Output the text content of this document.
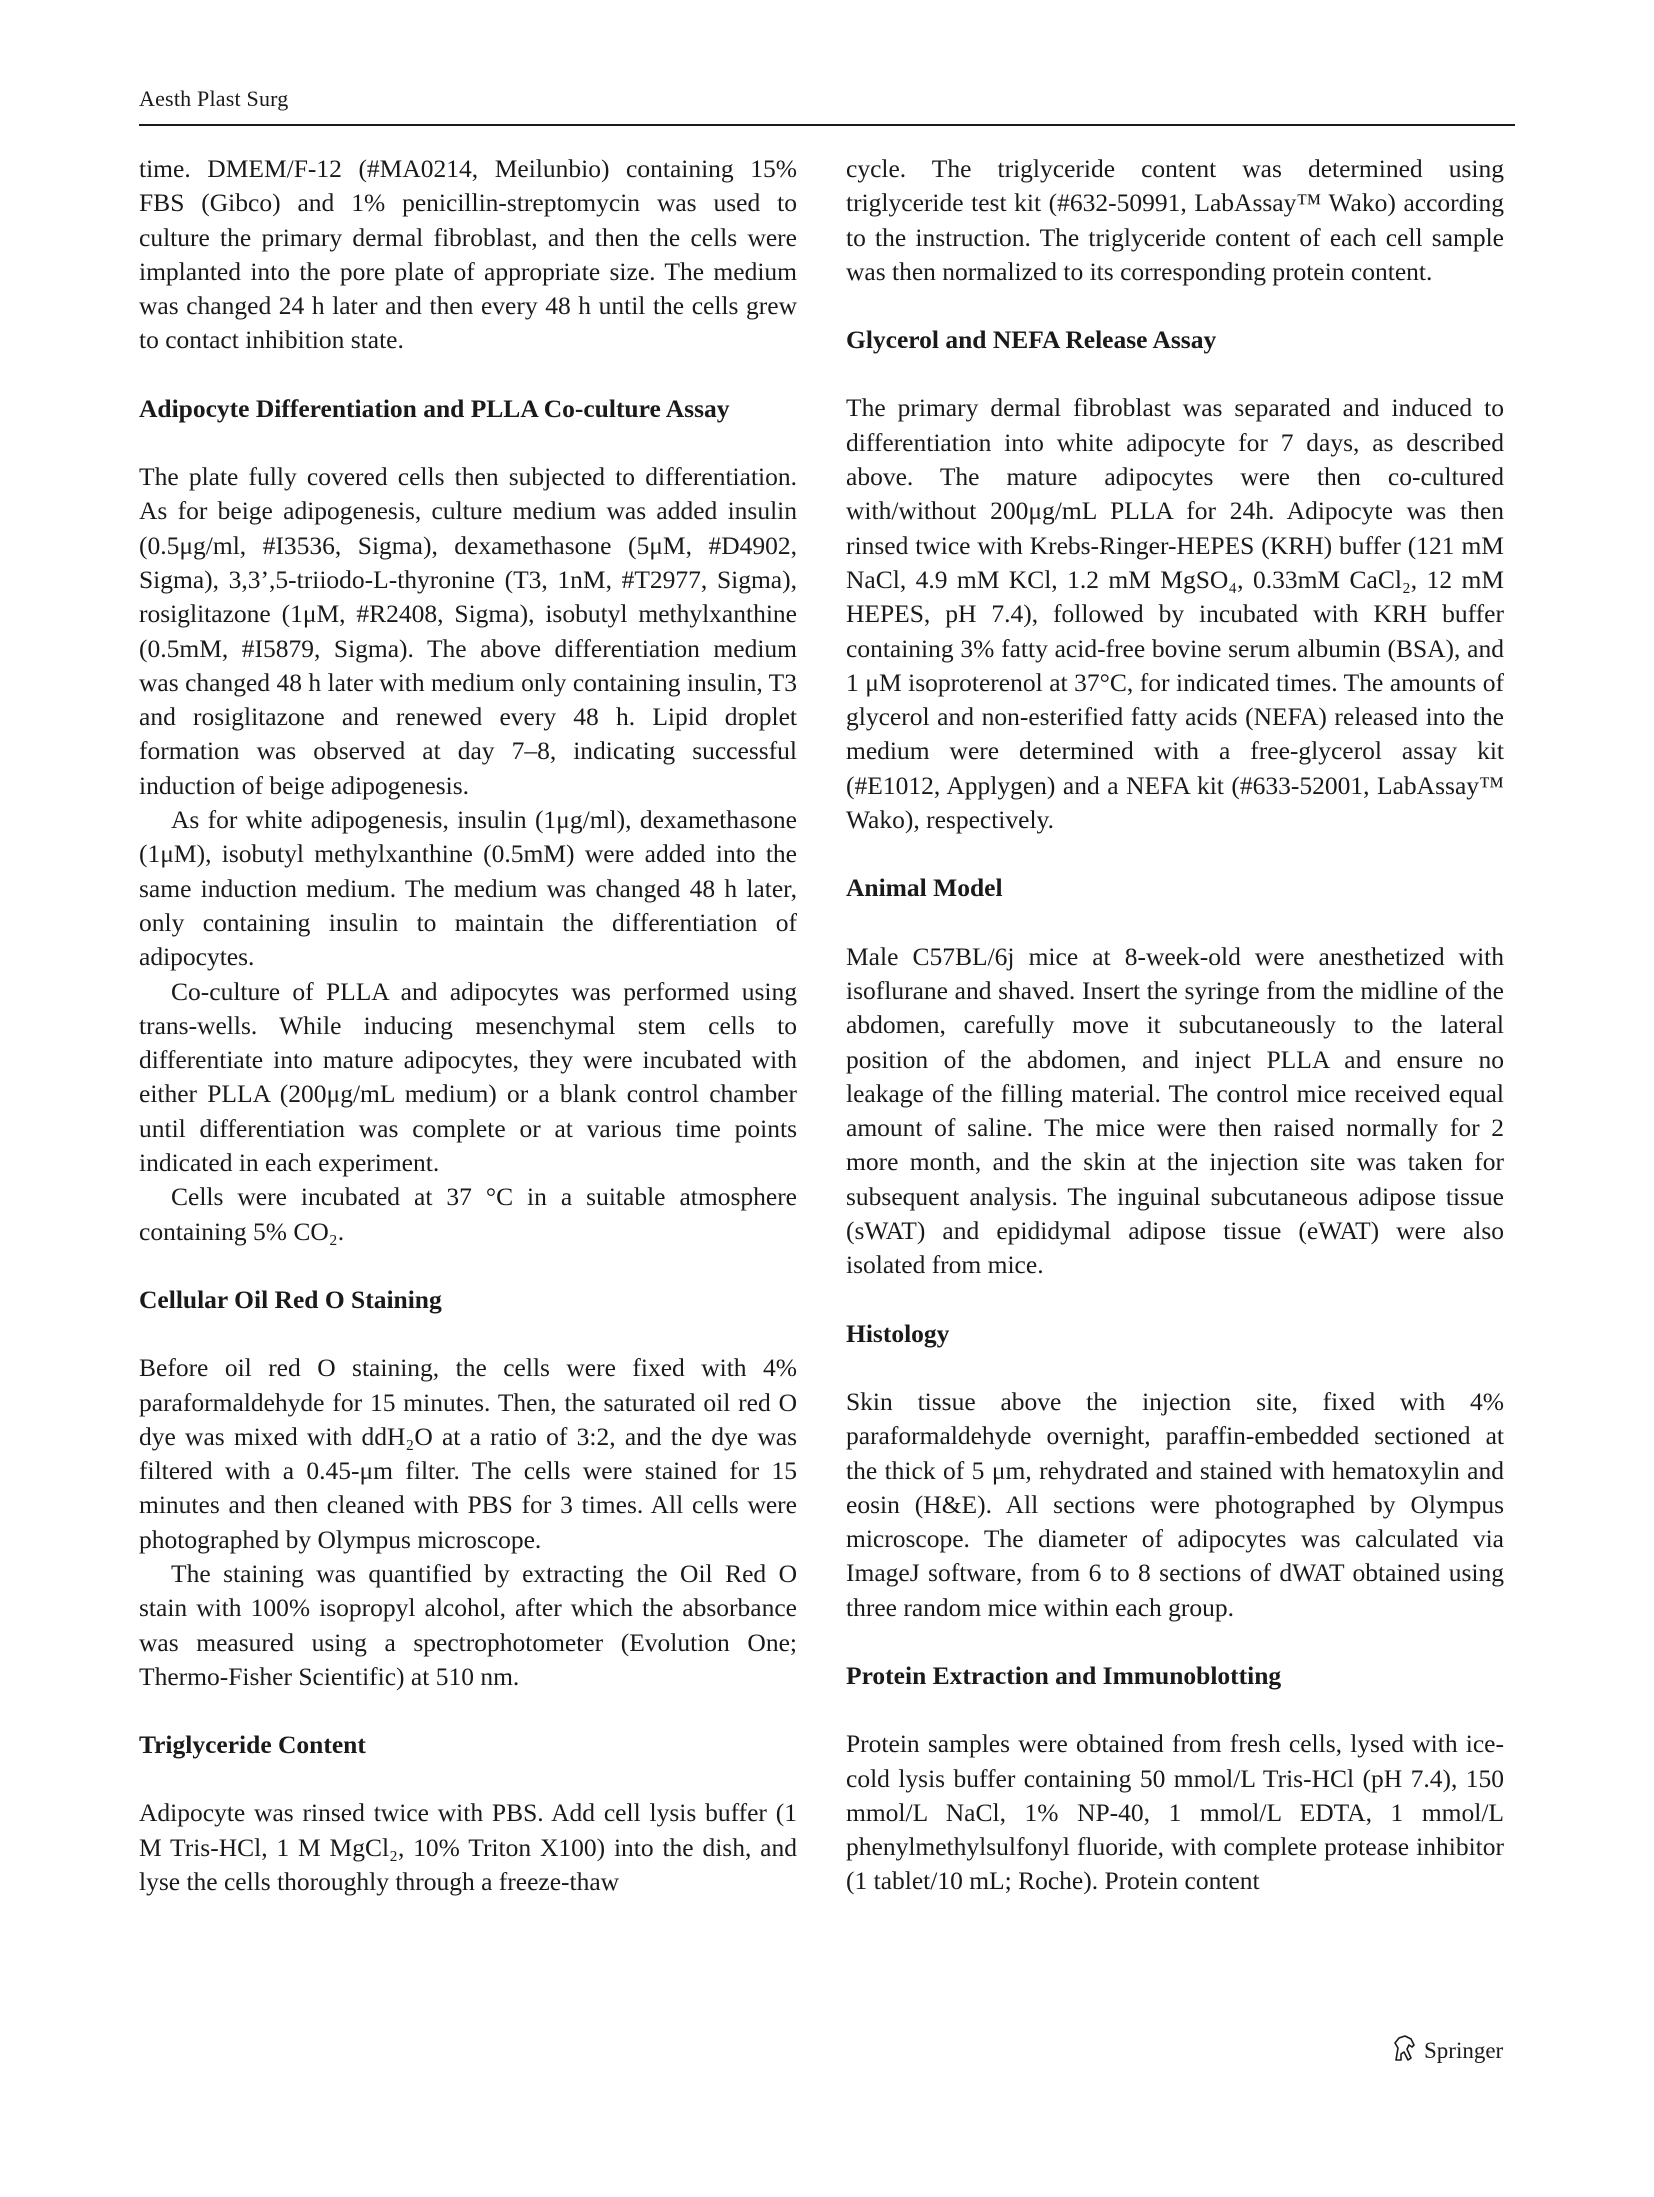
Aesth Plast Surg

time. DMEM/F-12 (#MA0214, Meilunbio) containing 15% FBS (Gibco) and 1% penicillin-streptomycin was used to culture the primary dermal fibroblast, and then the cells were implanted into the pore plate of appropriate size. The medium was changed 24 h later and then every 48 h until the cells grew to contact inhibition state.

Adipocyte Differentiation and PLLA Co-culture Assay

The plate fully covered cells then subjected to differentiation. As for beige adipogenesis, culture medium was added insulin (0.5μg/ml, #I3536, Sigma), dexamethasone (5μM, #D4902, Sigma), 3,3’,5-triiodo-L-thyronine (T3, 1nM, #T2977, Sigma), rosiglitazone (1μM, #R2408, Sigma), isobutyl methylxanthine (0.5mM, #I5879, Sigma). The above differentiation medium was changed 48 h later with medium only containing insulin, T3 and rosiglitazone and renewed every 48 h. Lipid droplet formation was observed at day 7–8, indicating successful induction of beige adipogenesis.

As for white adipogenesis, insulin (1μg/ml), dexamethasone (1μM), isobutyl methylxanthine (0.5mM) were added into the same induction medium. The medium was changed 48 h later, only containing insulin to maintain the differentiation of adipocytes.

Co-culture of PLLA and adipocytes was performed using trans-wells. While inducing mesenchymal stem cells to differentiate into mature adipocytes, they were incubated with either PLLA (200μg/mL medium) or a blank control chamber until differentiation was complete or at various time points indicated in each experiment.

Cells were incubated at 37 °C in a suitable atmosphere containing 5% CO₂.

Cellular Oil Red O Staining

Before oil red O staining, the cells were fixed with 4% paraformaldehyde for 15 minutes. Then, the saturated oil red O dye was mixed with ddH₂O at a ratio of 3:2, and the dye was filtered with a 0.45-μm filter. The cells were stained for 15 minutes and then cleaned with PBS for 3 times. All cells were photographed by Olympus microscope.

The staining was quantified by extracting the Oil Red O stain with 100% isopropyl alcohol, after which the absorbance was measured using a spectrophotometer (Evolution One; Thermo-Fisher Scientific) at 510 nm.

Triglyceride Content

Adipocyte was rinsed twice with PBS. Add cell lysis buffer (1 M Tris-HCl, 1 M MgCl₂, 10% Triton X100) into the dish, and lyse the cells thoroughly through a freeze-thaw

cycle. The triglyceride content was determined using triglyceride test kit (#632-50991, LabAssay™ Wako) according to the instruction. The triglyceride content of each cell sample was then normalized to its corresponding protein content.

Glycerol and NEFA Release Assay

The primary dermal fibroblast was separated and induced to differentiation into white adipocyte for 7 days, as described above. The mature adipocytes were then co-cultured with/without 200μg/mL PLLA for 24h. Adipocyte was then rinsed twice with Krebs-Ringer-HEPES (KRH) buffer (121 mM NaCl, 4.9 mM KCl, 1.2 mM MgSO₄, 0.33mM CaCl₂, 12 mM HEPES, pH 7.4), followed by incubated with KRH buffer containing 3% fatty acid-free bovine serum albumin (BSA), and 1 μM isoproterenol at 37°C, for indicated times. The amounts of glycerol and non-esterified fatty acids (NEFA) released into the medium were determined with a free-glycerol assay kit (#E1012, Applygen) and a NEFA kit (#633-52001, LabAssay™ Wako), respectively.

Animal Model

Male C57BL/6j mice at 8-week-old were anesthetized with isoflurane and shaved. Insert the syringe from the midline of the abdomen, carefully move it subcutaneously to the lateral position of the abdomen, and inject PLLA and ensure no leakage of the filling material. The control mice received equal amount of saline. The mice were then raised normally for 2 more month, and the skin at the injection site was taken for subsequent analysis. The inguinal subcutaneous adipose tissue (sWAT) and epididymal adipose tissue (eWAT) were also isolated from mice.

Histology

Skin tissue above the injection site, fixed with 4% paraformaldehyde overnight, paraffin-embedded sectioned at the thick of 5 μm, rehydrated and stained with hematoxylin and eosin (H&E). All sections were photographed by Olympus microscope. The diameter of adipocytes was calculated via ImageJ software, from 6 to 8 sections of dWAT obtained using three random mice within each group.

Protein Extraction and Immunoblotting

Protein samples were obtained from fresh cells, lysed with ice-cold lysis buffer containing 50 mmol/L Tris-HCl (pH 7.4), 150 mmol/L NaCl, 1% NP-40, 1 mmol/L EDTA, 1 mmol/L phenylmethylsulfonyl fluoride, with complete protease inhibitor (1 tablet/10 mL; Roche). Protein content

Springer
